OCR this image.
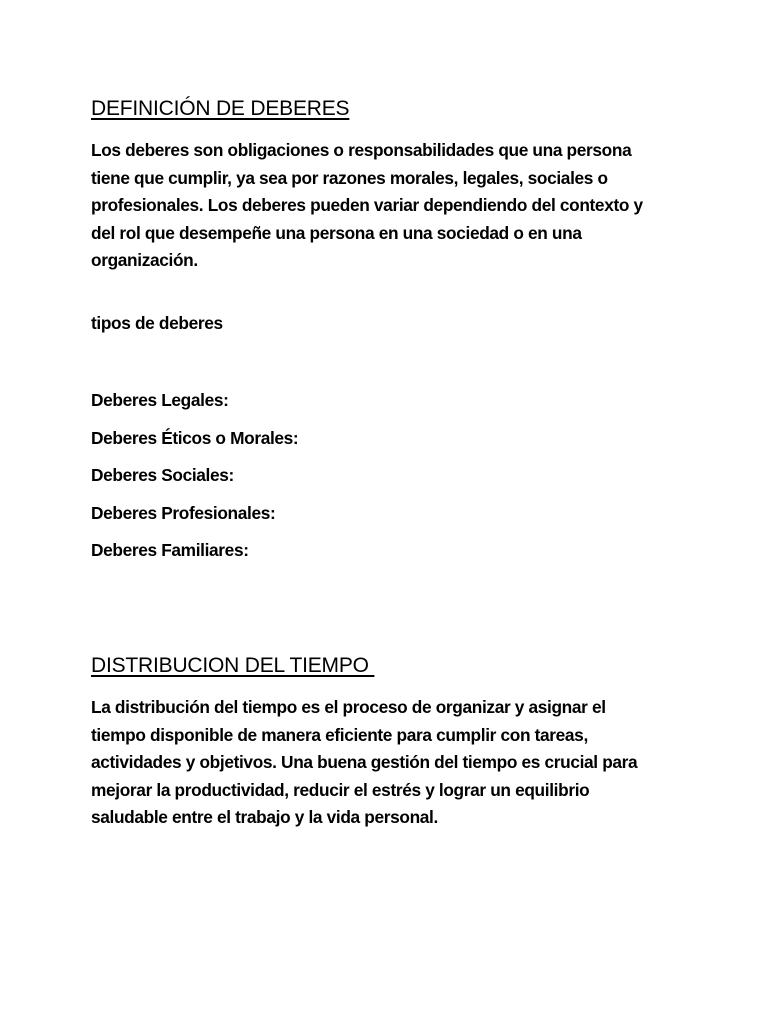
DEFINICIÓN DE DEBERES

Los deberes son obligaciones o responsabilidades que una persona
tiene que cumplir, ya sea por razones morales, legales, sociales o
profesionales. Los deberes pueden variar dependiendo del contexto y
del rol que desempeñe una persona en una sociedad o en una
organización.

tipos de deberes

Deberes Legales:
Deberes Éticos o Morales:
Deberes Sociales:
Deberes Profesionales:
Deberes Familiares:
DISTRIBUCION DEL TIEMPO

La distribución del tiempo es el proceso de organizar y asignar el
tiempo disponible de manera eficiente para cumplir con tareas,
actividades y objetivos. Una buena gestión del tiempo es crucial para
mejorar la productividad, reducir el estrés y lograr un equilibrio
saludable entre el trabajo y la vida personal.
